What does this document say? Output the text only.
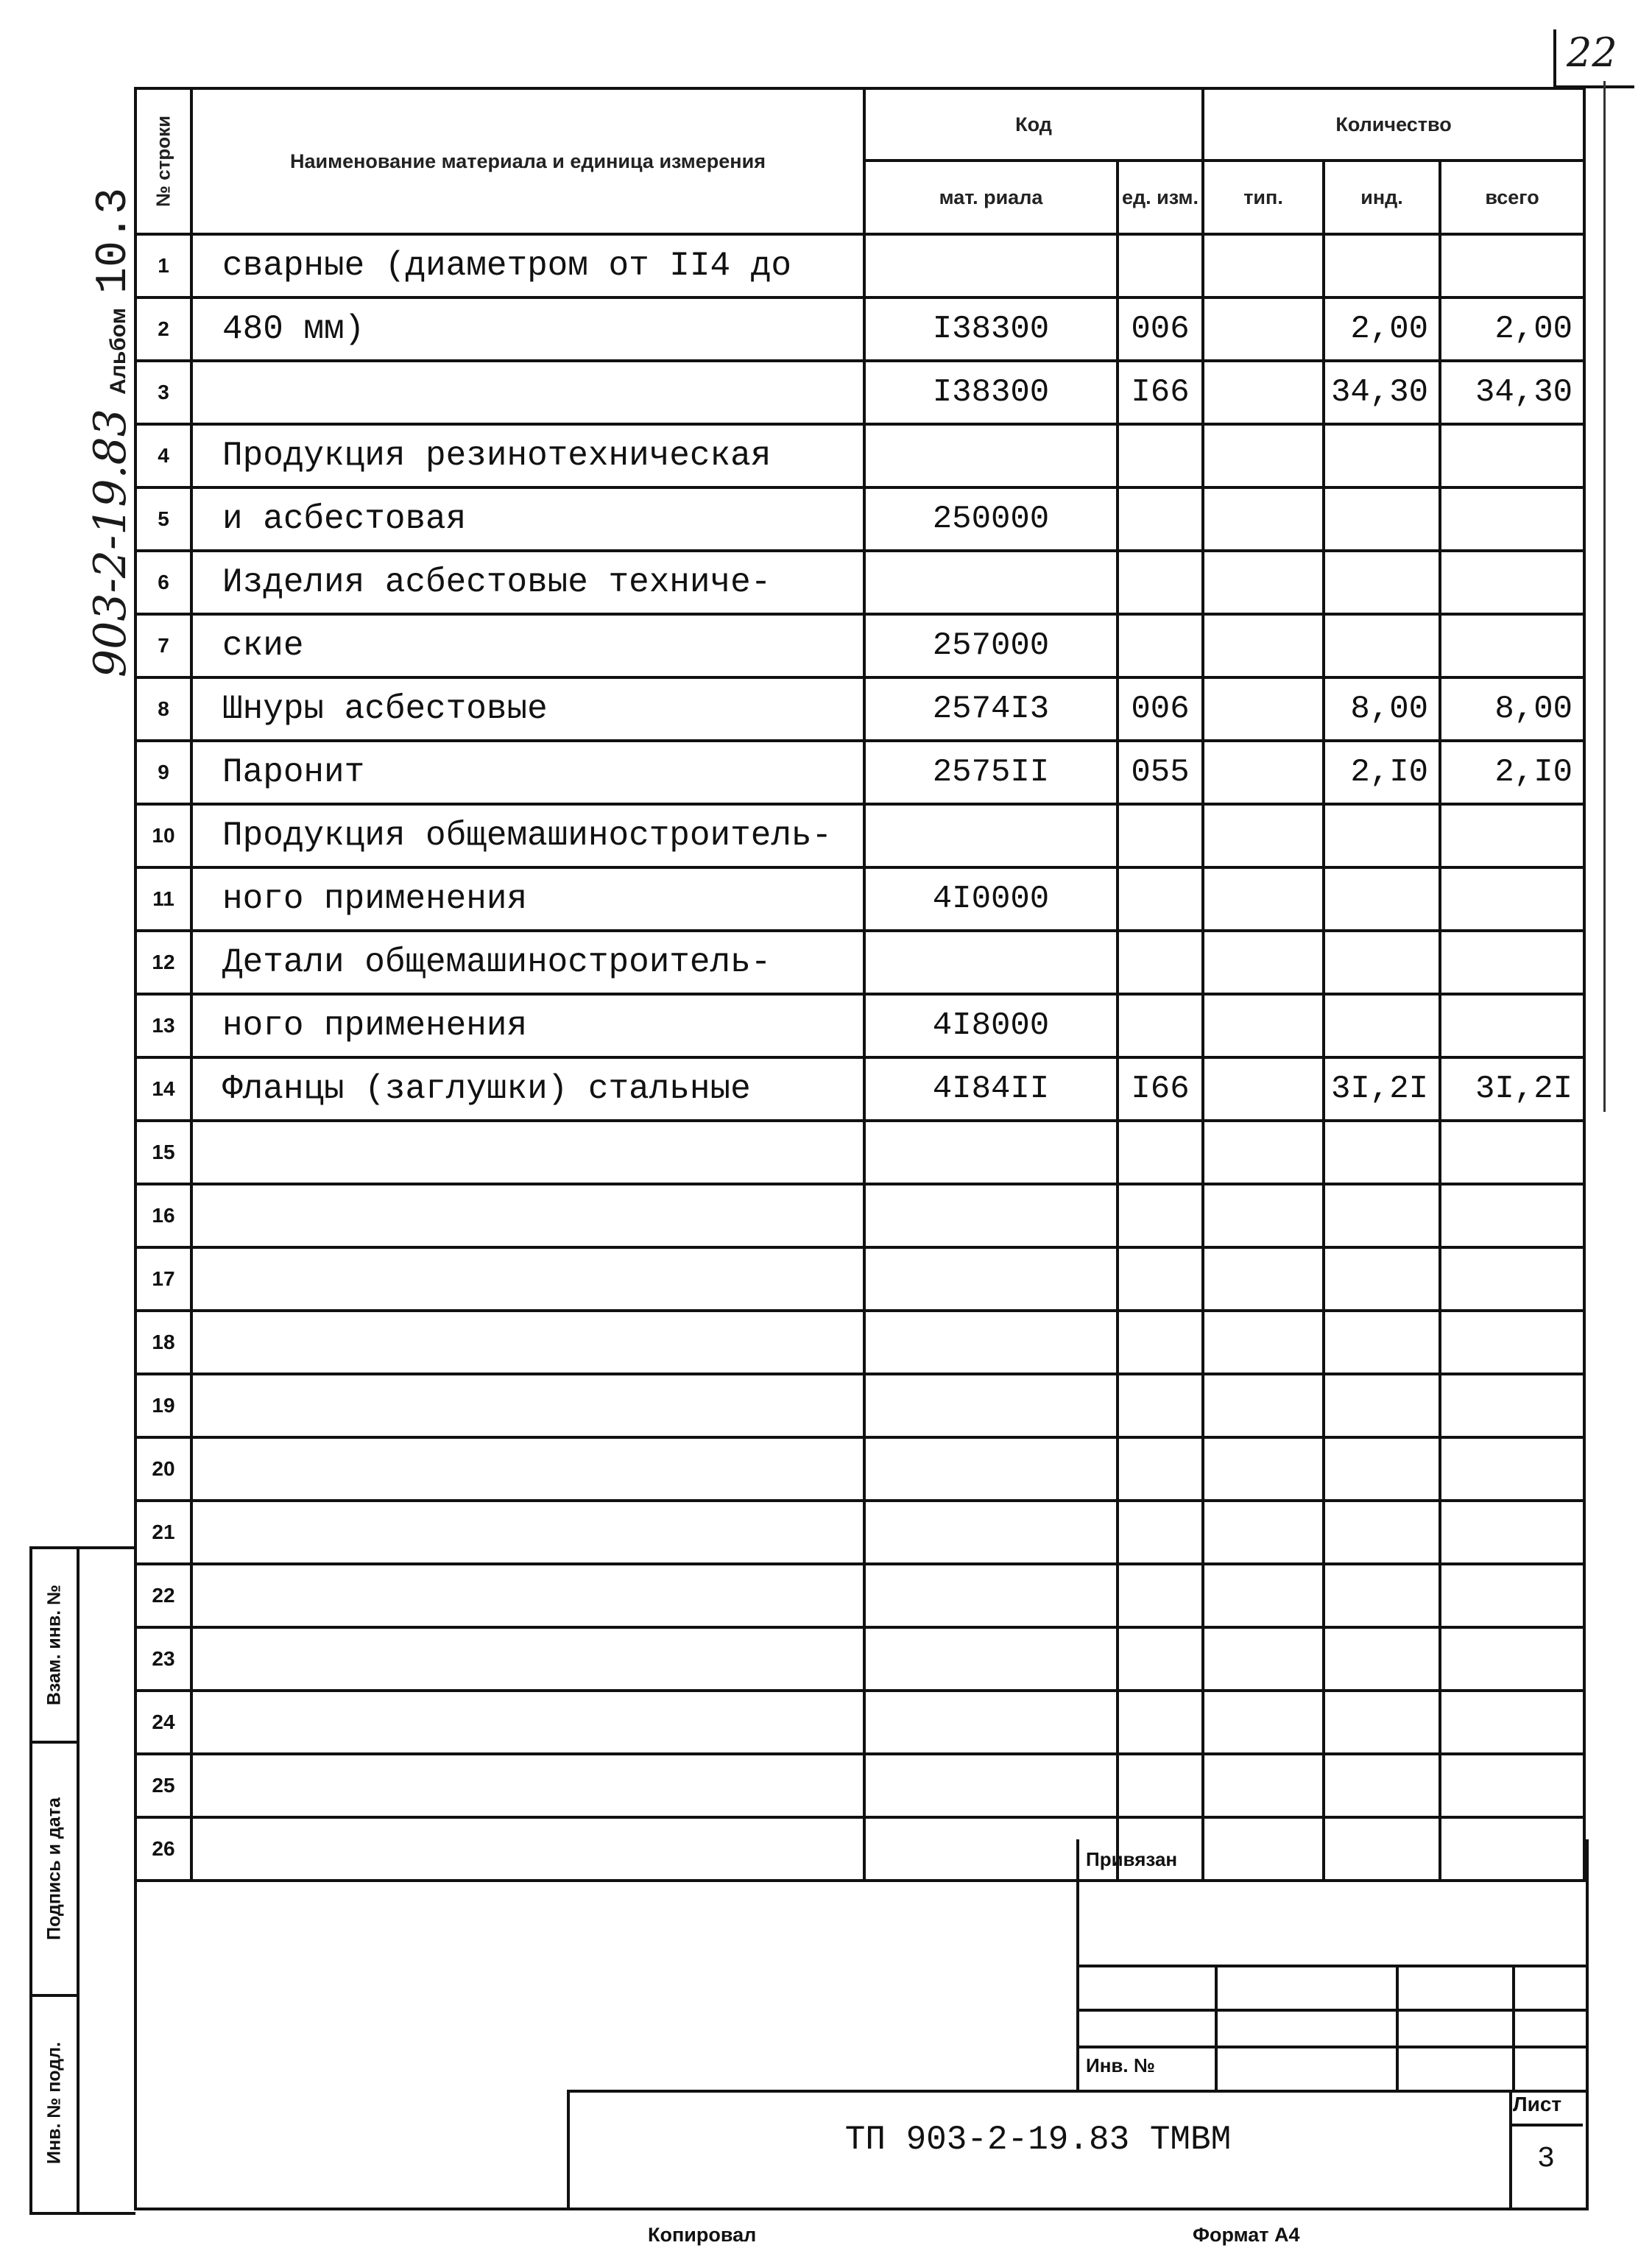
22
903-2-19.83 Альбом 10.3
№ строки	Наименование материала и единица измерения	Код		Количество		
		мат. риала	ед. изм.	тип.	инд.	всего
1	сварные (диаметром от II4 до					
2	480 мм)	I38300	006		2,00	2,00
3		I38300	I66		34,30	34,30
4	Продукция резинотехническая					
5	и асбестовая	250000				
6	Изделия асбестовые техниче-					
7	ские	257000				
8	Шнуры асбестовые	2574I3	006		8,00	8,00
9	Паронит	2575II	055		2,I0	2,I0
10	Продукция общемашиностроитель-					
11	ного применения	4I0000				
12	Детали общемашиностроитель-					
13	ного применения	4I8000				
14	Фланцы (заглушки) стальные	4I84II	I66		3I,2I	3I,2I
15						
16						
17						
18						
19						
20						
21						
22						
23						
24						
25						
26						
Взам. инв. №
Подпись и дата
Инв. № подл.
Привязан
Инв. №
ТП 903-2-19.83 ТМВМ
Лист
3
Копировал	Формат А4
